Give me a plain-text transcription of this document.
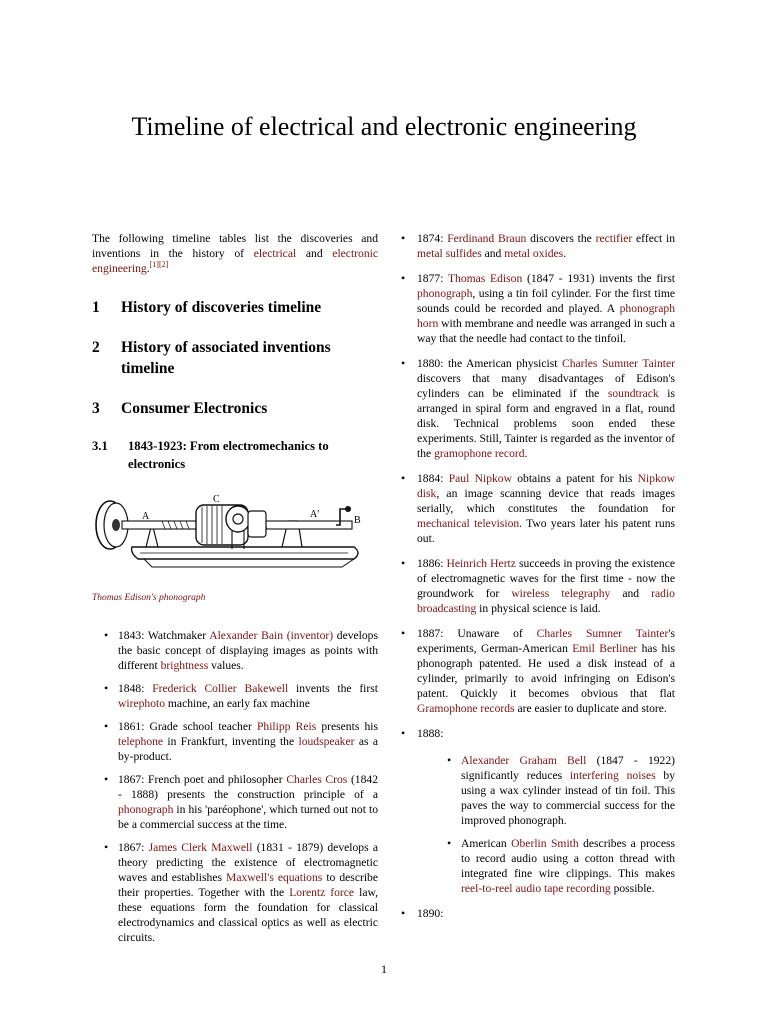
Timeline of electrical and electronic engineering

The following timeline tables list the discoveries and inventions in the history of electrical and electronic engineering.[1][2]

1	History of discoveries timeline
2	History of associated inventions timeline
3	Consumer Electronics
3.1	1843-1923: From electromechanics to electronics
A
C
A'
B
Thomas Edison's phonograph
• 1843: Watchmaker Alexander Bain (inventor) develops the basic concept of displaying images as points with different brightness values.
• 1848: Frederick Collier Bakewell invents the first wirephoto machine, an early fax machine
• 1861: Grade school teacher Philipp Reis presents his telephone in Frankfurt, inventing the loudspeaker as a by-product.
• 1867: French poet and philosopher Charles Cros (1842 - 1888) presents the construction principle of a phonograph in his 'paréophone', which turned out not to be a commercial success at the time.
• 1867: James Clerk Maxwell (1831 - 1879) develops a theory predicting the existence of electromagnetic waves and establishes Maxwell's equations to describe their properties. Together with the Lorentz force law, these equations form the foundation for classical electrodynamics and classical optics as well as electric circuits.
• 1874: Ferdinand Braun discovers the rectifier effect in metal sulfides and metal oxides.
• 1877: Thomas Edison (1847 - 1931) invents the first phonograph, using a tin foil cylinder. For the first time sounds could be recorded and played. A phonograph horn with membrane and needle was arranged in such a way that the needle had contact to the tinfoil.
• 1880: the American physicist Charles Sumner Tainter discovers that many disadvantages of Edison's cylinders can be eliminated if the soundtrack is arranged in spiral form and engraved in a flat, round disk. Technical problems soon ended these experiments. Still, Tainter is regarded as the inventor of the gramophone record.
• 1884: Paul Nipkow obtains a patent for his Nipkow disk, an image scanning device that reads images serially, which constitutes the foundation for mechanical television. Two years later his patent runs out.
• 1886: Heinrich Hertz succeeds in proving the existence of electromagnetic waves for the first time - now the groundwork for wireless telegraphy and radio broadcasting in physical science is laid.
• 1887: Unaware of Charles Sumner Tainter's experiments, German-American Emil Berliner has his phonograph patented. He used a disk instead of a cylinder, primarily to avoid infringing on Edison's patent. Quickly it becomes obvious that flat Gramophone records are easier to duplicate and store.
• 1888:
• Alexander Graham Bell (1847 - 1922) significantly reduces interfering noises by using a wax cylinder instead of tin foil. This paves the way to commercial success for the improved phonograph.
• American Oberlin Smith describes a process to record audio using a cotton thread with integrated fine wire clippings. This makes reel-to-reel audio tape recording possible.
• 1890:
1
